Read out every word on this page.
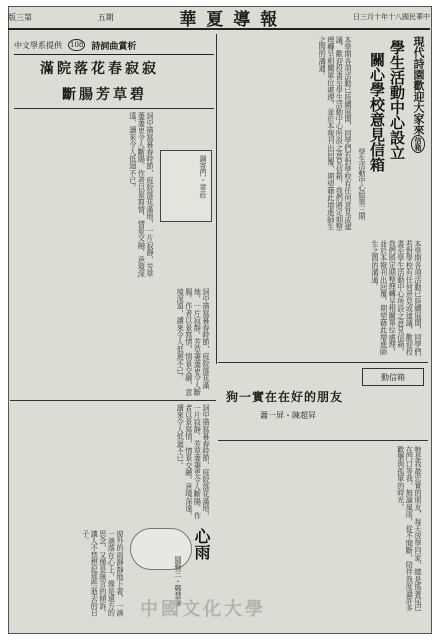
版三第	五期	華夏導報	日三月十年十八國民華中
現代詩園歡迎大家來信箱
學生活動中心設立
關心學校意見信箱
學生活動中心組第三期
本學期各項活動已陸續展開，同學們若對學校有任何意見或建議，歡迎投書至學生活動中心所設之意見信箱，我們將定期整理轉呈相關單位處理，並於本報刊出回覆，期望藉此增進師生之間的溝通。
本學期各項活動已陸續展開，同學們若對學校有任何意見或建議，歡迎投書至學生活動中心所設之意見信箱，我們將定期整理轉呈相關單位處理，並於本報刊出回覆，期望藉此增進師生之間的溝通。
中文學系提供 108 詩詞曲賞析
滿院落花春寂寂
斷腸芳草碧
詞中描寫暮春時節，庭院落花滿地，一片寂靜，芳草萋萋更令人斷腸。作者以景寫情，情景交融，意境深遠，讀來令人低迴不已。	調寄門・章莊
詞中描寫暮春時節，庭院落花滿地，一片寂靜，芳草萋萋更令人斷腸。作者以景寫情，情景交融，意境深遠，讀來令人低迴不已。	動信箱
狗一實在在好的朋友
蕭一屏・陳超昇
牠是我最忠實的朋友，每天放學回家，總是搖著尾巴在門口等我，無論風雨，從不間斷，陪伴我度過許多歡樂與孤單的時光。
詞中描寫暮春時節，庭院落花滿地，一片寂靜，芳草萋萋更令人斷腸。作者以景寫情，情景交融，意境深遠，讀來令人低迴不已。
心雨
園藝三・鄭慧秦
窗外的雨靜靜地下著，一滴一滴落在心上，像是遠方的思念，又像是無言的傾訴，讓人不禁想起那些逝去的日子。
中國文化大學
